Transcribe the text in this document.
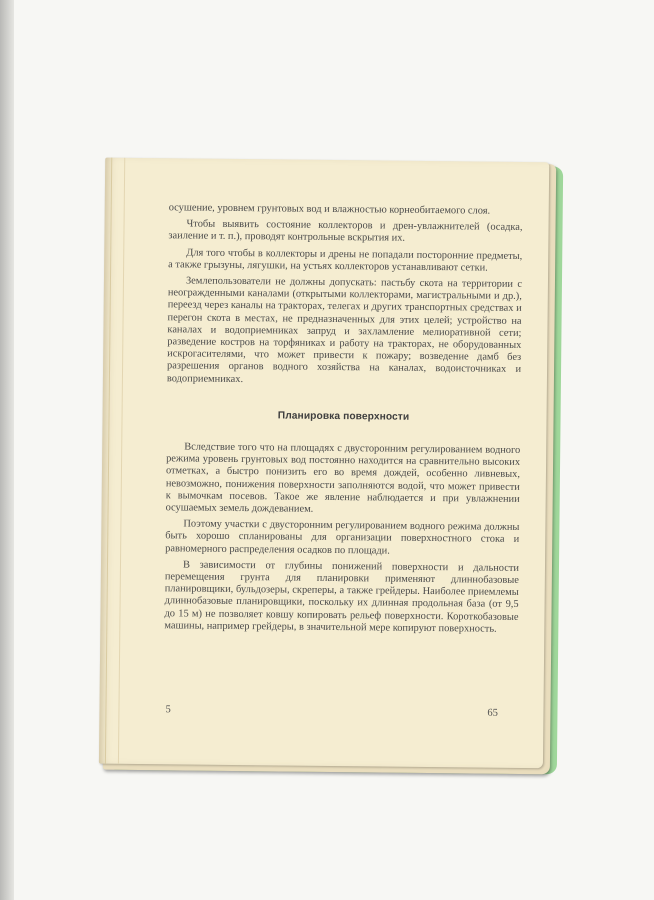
осушение, уровнем грунтовых вод и влажностью корнеобитаемого слоя.

Чтобы выявить состояние коллекторов и дрен-увлажнителей (осадка, заиление и т. п.), проводят контрольные вскрытия их.

Для того чтобы в коллекторы и дрены не попадали посторонние предметы, а также грызуны, лягушки, на устьях коллекторов устанавливают сетки.

Землепользователи не должны допускать: пастьбу скота на территории с неогражденными каналами (открытыми коллекторами, магистральными и др.), переезд через каналы на тракторах, телегах и других транспортных средствах и перегон скота в местах, не предназначенных для этих целей; устройство на каналах и водоприемниках запруд и захламление мелиоративной сети; разведение костров на торфяниках и работу на тракторах, не оборудованных искрогасителями, что может привести к пожару; возведение дамб без разрешения органов водного хозяйства на каналах, водоисточниках и водоприемниках.

Планировка поверхности

Вследствие того что на площадях с двусторонним регулированием водного режима уровень грунтовых вод постоянно находится на сравнительно высоких отметках, а быстро понизить его во время дождей, особенно ливневых, невозможно, понижения поверхности заполняются водой, что может привести к вымочкам посевов. Такое же явление наблюдается и при увлажнении осушаемых земель дождеванием.

Поэтому участки с двусторонним регулированием водного режима должны быть хорошо спланированы для организации поверхностного стока и равномерного распределения осадков по площади.

В зависимости от глубины понижений поверхности и дальности перемещения грунта для планировки применяют длиннобазовые планировщики, бульдозеры, скреперы, а также грейдеры. Наиболее приемлемы длиннобазовые планировщики, поскольку их длинная продольная база (от 9,5 до 15 м) не позволяет ковшу копировать рельеф поверхности. Короткобазовые машины, например грейдеры, в значительной мере копируют поверхность.

5	65
